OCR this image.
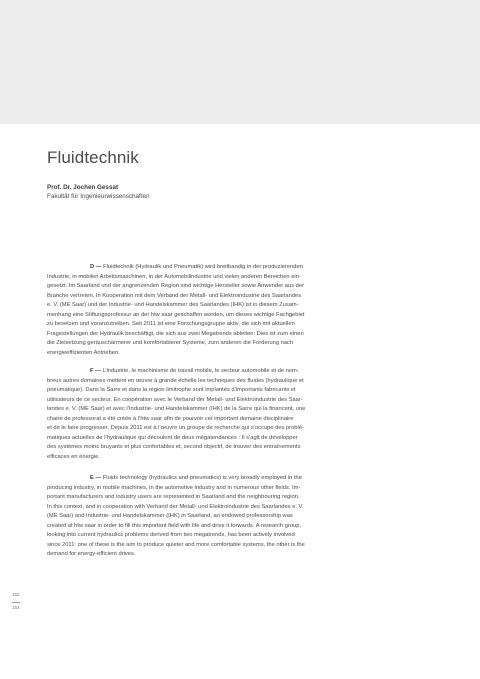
Fluidtechnik
Prof. Dr. Jochen Gessat
Fakultät für Ingenieurwissenschaften
D — Fluidtechnik (Hydraulik und Pneumatik) wird breitbandig in der produzierenden
Industrie, in mobilen Arbeitsmaschinen, in der Automobilindustrie und vielen anderen Bereichen ein-
gesetzt. Im Saarland und der angrenzenden Region sind wichtige Hersteller sowie Anwender aus der
Branche vertreten. In Kooperation mit dem Verband der Metall- und Elektroindustrie des Saarlandes
e. V. (ME Saar) und der Industrie- und Handelskammer des Saarlandes (IHK) ist in diesem Zusam-
menhang eine Stiftungsprofessur an der htw saar geschaffen worden, um dieses wichtige Fachgebiet
zu besetzen und voranzutreiben. Seit 2011 ist eine Forschungsgruppe aktiv, die sich mit aktuellen
Fragestellungen der Hydraulik beschäftigt, die sich aus zwei Megatrends ableiten: Dies ist zum einen
die Zielsetzung geräuschärmerer und komfortablerer Systeme, zum anderen die Forderung nach
energieeffizienten Antrieben.
F — L’industrie, le machinisme de travail mobile, le secteur automobile et de nom-
breux autres domaines mettent en œuvre à grande échelle les techniques des fluides (hydraulique et
pneumatique). Dans la Sarre et dans la région limitrophe sont implantés d’importants fabricants et
utilisateurs de ce secteur. En coopération avec le Verband der Metall- und Elektroindustrie des Saar-
landes e. V. (ME Saar) et avec l’Industrie- und Handelskammer (IHK) de la Sarre qui la financent, une
chaire de professorat a été créée à l’htw saar afin de pourvoir cet important domaine disciplinaire
et de le faire progresser. Depuis 2011 est à l’œuvre un groupe de recherche qui s’occupe des problé-
matiques actuelles de l’hydraulique qui découlent de deux mégatendances : Il s’agit de développer
des systèmes moins bruyants et plus confortables et, second objectif, de trouver des entraînements
efficaces en énergie.
E — Fluids technology (hydraulics and pneumatics) is very broadly employed in the
producing industry, in mobile machines, in the automotive industry and in numerous other fields. Im-
portant manufacturers and industry users are represented in Saarland and the neighbouring region.
In this context, and in cooperation with Verband der Metall- und Elektroindustrie des Saarlandes e. V.
(ME Saar) and Industrie- und Handelskammer (IHK) in Saarland, an endowed professorship was
created at htw saar in order to fill this important field with life and drive it forwards. A research group,
looking into current hydraulics problems derived from two megatrends, has been actively involved
since 2011: one of these is the aim to produce quieter and more comfortable systems, the other is the
demand for energy-efficient drives.
152
153
